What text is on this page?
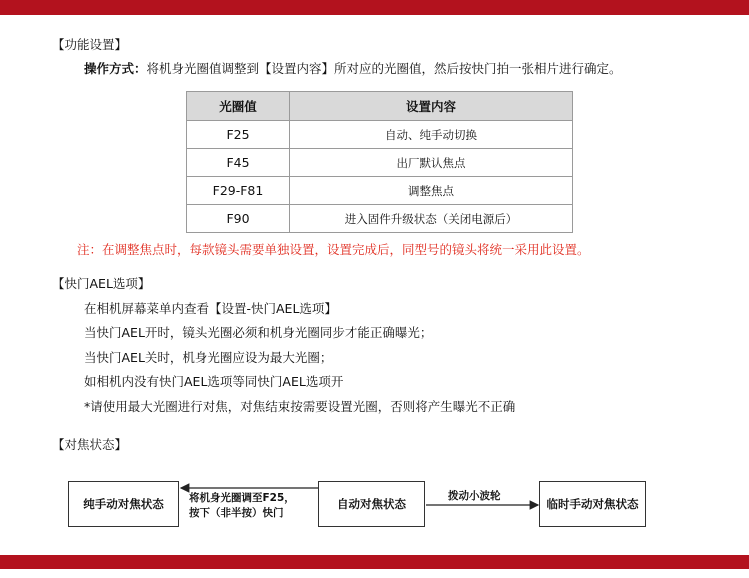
【功能设置】
操作方式：将机身光圈值调整到【设置内容】所对应的光圈值，然后按快门拍一张相片进行确定。
光圈值	设置内容
F25	自动、纯手动切换
F45	出厂默认焦点
F29-F81	调整焦点
F90	进入固件升级状态（关闭电源后）
注：在调整焦点时，每款镜头需要单独设置，设置完成后，同型号的镜头将统一采用此设置。
【快门AEL选项】
在相机屏幕菜单内查看【设置-快门AEL选项】
当快门AEL开时，镜头光圈必须和机身光圈同步才能正确曝光；
当快门AEL关时，机身光圈应设为最大光圈；
如相机内没有快门AEL选项等同快门AEL选项开
*请使用最大光圈进行对焦，对焦结束按需要设置光圈，否则将产生曝光不正确
【对焦状态】
纯手动对焦状态	自动对焦状态	临时手动对焦状态
将机身光圈调至F25，
按下（非半按）快门
拨动小波轮
